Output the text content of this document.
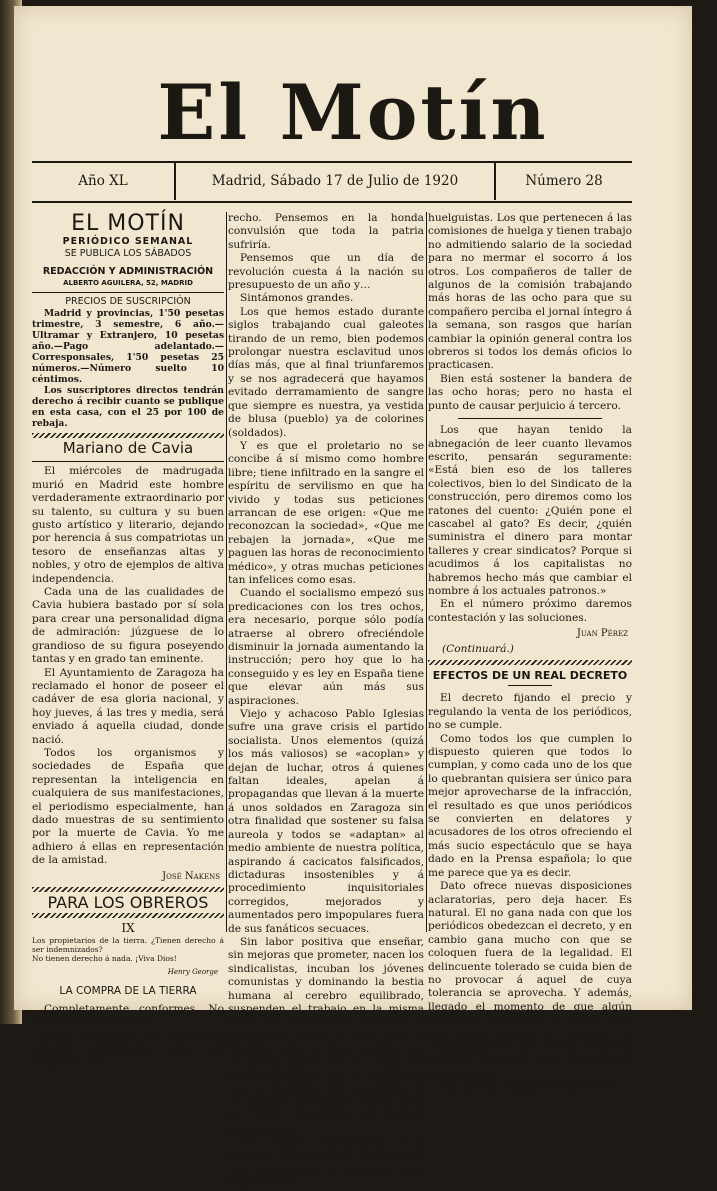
El Motín
Año XL	Madrid, Sábado 17 de Julio de 1920	Número 28
EL MOTÍN
PERIÓDICO SEMANAL
SE PUBLICA LOS SÁBADOS
REDACCIÓN Y ADMINISTRACIÓN
ALBERTO AGUILERA, 52, MADRID
PRECIOS DE SUSCRIPCIÓN

Madrid y provincias, 1'50 pesetas trimestre, 3 semestre, 6 año.—Ultramar y Extranjero, 10 pesetas año.—Pago adelantado.—Corresponsales, 1'50 pesetas 25 números.—Número suelto 10 céntimos.

Los suscriptores directos tendrán derecho á recibir cuanto se publique en esta casa, con el 25 por 100 de rebaja.

Mariano de Cavia

El miércoles de madrugada murió en Madrid este hombre verdaderamente extraordinario por su talento, su cultura y su buen gusto artístico y literario, dejando por herencia á sus compatriotas un tesoro de enseñanzas altas y nobles, y otro de ejemplos de altiva independencia.

Cada una de las cualidades de Cavia hubiera bastado por sí sola para crear una personalidad digna de admiración: júzguese de lo grandioso de su figura poseyendo tantas y en grado tan eminente.

El Ayuntamiento de Zaragoza ha reclamado el honor de poseer el cadáver de esa gloria nacional, y hoy jueves, á las tres y media, será enviado á aquella ciudad, donde nació.

Todos los organismos y sociedades de España que representan la inteligencia en cualquiera de sus manifestaciones, el periodismo especialmente, han dado muestras de su sentimiento por la muerte de Cavia. Yo me adhiero á ellas en representación de la amistad.

José Nakens
PARA LOS OBREROS
IX

Los propietarios de la tierra. ¿Tienen derecho á ser indemnizados?

No tienen derecho á nada. ¡Viva Dios!

Henry George
LA COMPRA DE LA TIERRA

Completamente conformes. No tienen derecho á nada.

Pero valoremos las vidas que costaría arrebatarles este mal adquirido de-

recho. Pensemos en la honda convulsión que toda la patria sufriría.

Pensemos que un día de revolución cuesta á la nación su presupuesto de un año y…

Sintámonos grandes.

Los que hemos estado durante siglos trabajando cual galeotes tirando de un remo, bien podemos prolongar nuestra esclavitud unos días más, que al final triunfaremos y se nos agradecerá que hayamos evitado derramamiento de sangre que siempre es nuestra, ya vestida de blusa (pueblo) ya de colorines (soldados).

Y es que el proletario no se concibe á sí mismo como hombre libre; tiene infiltrado en la sangre el espíritu de servilismo en que ha vivido y todas sus peticiones arrancan de ese origen: «Que me reconozcan la sociedad», «Que me rebajen la jornada», «Que me paguen las horas de reconocimiento médico», y otras muchas peticiones tan infelices como esas.

Cuando el socialismo empezó sus predicaciones con los tres ochos, era necesario, porque sólo podía atraerse al obrero ofreciéndole disminuir la jornada aumentando la instrucción; pero hoy que lo ha conseguido y es ley en España tiene que elevar aún más sus aspiraciones.

Viejo y achacoso Pablo Iglesias sufre una grave crisis el partido socialista. Unos elementos (quizá los más valiosos) se «acoplan» y dejan de luchar, otros á quienes faltan ideales, apelan á propagandas que llevan á la muerte á unos soldados en Zaragoza sin otra finalidad que sostener su falsa aureola y todos se «adaptan» al medio ambiente de nuestra política, aspirando á cacicatos falsificados, dictaduras insostenibles y á procedimiento inquisitoriales corregidos, mejorados y aumentados pero impopulares fuera de sus fanáticos secuaces.

Sin labor positiva que enseñar, sin mejoras que prometer, nacen los sindicalistas, incuban los jóvenes comunistas y dominando la bestia humana al cerebro equilibrado, suspenden el trabajo en la misma Casa del Pueblo los cocineros y paran las obras en ella por la RAZON como yo paso hambre que lo pasen todos. Ni un rasgo de desprendimiento, ni un abnegado que se sacrifique por los demás, el yo primero derribando treinta años de labor societaria de mutua cooperación…

Ha habido excepciones. Los canteros que trabajan entregando una buena parte de su jornal para sostener los

huelguistas. Los que pertenecen á las comisiones de huelga y tienen trabajo no admitiendo salario de la sociedad para no mermar el socorro á los otros. Los compañeros de taller de algunos de la comisión trabajando más horas de las ocho para que su compañero perciba el jornal íntegro á la semana, son rasgos que harían cambiar la opinión general contra los obreros si todos los demás oficios lo practicasen.

Bien está sostener la bandera de las ocho horas; pero no hasta el punto de causar perjuicio á tercero.

Los que hayan tenido la abnegación de leer cuanto llevamos escrito, pensarán seguramente: «Está bien eso de los talleres colectivos, bien lo del Sindicato de la construcción, pero diremos como los ratones del cuento: ¿Quién pone el cascabel al gato? Es decir, ¿quién suministra el dinero para montar talleres y crear sindicatos? Porque si acudimos á los capitalistas no habremos hecho más que cambiar el nombre á los actuales patronos.»

En el número próximo daremos contestación y las soluciones.

Juan Pérez
(Continuará.)
EFECTOS DE UN REAL DECRETO

El decreto fijando el precio y regulando la venta de los periódicos, no se cumple.

Como todos los que cumplen lo dispuesto quieren que todos lo cumplan, y como cada uno de los que lo quebrantan quisiera ser único para mejor aprovecharse de la infracción, el resultado es que unos periódicos se convierten en delatores y acusadores de los otros ofreciendo el más sucio espectáculo que se haya dado en la Prensa española; lo que me parece que ya es decir.

Dato ofrece nuevas disposiciones aclaratorias, pero deja hacer. Es natural. El no gana nada con que los periódicos obedezcan el decreto, y en cambio gana mucho con que se coloquen fuera de la legalidad. El delincuente tolerado se cuida bien de no provocar á aquel de cuya tolerancia se aprovecha. Y además, llegado el momento de que algún periódico molestase al señor Dato por cosas ajenas al decreto, el incumplimiento del decreto sería un pretexto excelente para atropellar á ese periódico.

Así, que la disposición ha servido
